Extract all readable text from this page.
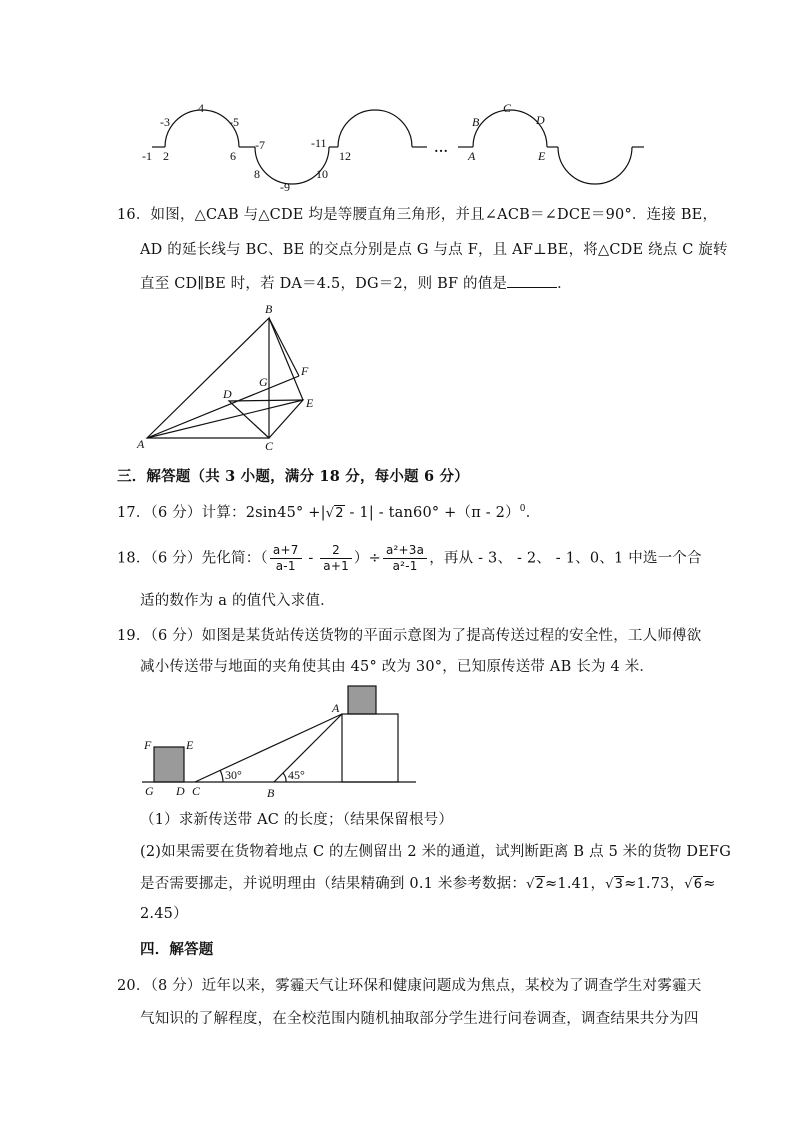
-3
4
-5
-1 2	6
-7	-11
12
8
-9
10
…
B
C
D
A	E
16．如图，△CAB 与△CDE 均是等腰直角三角形，并且∠ACB＝∠DCE＝90°．连接 BE，
AD 的延长线与 BC、BE 的交点分别是点 G 与点 F，且 AF⊥BE，将△CDE 绕点 C 旋转
直至 CD∥BE 时，若 DA＝4.5，DG＝2，则 BF 的值是	．
B
F
G
D
E
A	C
三．解答题（共 3 小题，满分 18 分，每小题 6 分）
17．（6 分）计算：2sin45° +|√2 - 1| - tan60° +（π - 2）$^0$．
18．（6 分）先化简：（ $\frac{a+7}{a-1} - \frac{2}{a+1}$ ）÷ $\frac{\text{a²+3a}}{\text{a²-1}}$ ，再从 - 3、 - 2、 - 1、0、1 中选一个合
适的数作为 a 的值代入求值．
19．（6 分）如图是某货站传送货物的平面示意图为了提高传送过程的安全性，工人师傅欲
减小传送带与地面的夹角使其由 45° 改为 30°，已知原传送带 AB 长为 4 米．
A
F	E
G D C	B
30°	45°
（1）求新传送带 AC 的长度；（结果保留根号）
(2)如果需要在货物着地点 C 的左侧留出 2 米的通道，试判断距离 B 点 5 米的货物 DEFG
是否需要挪走，并说明理由（结果精确到 0.1 米参考数据：√2≈1.41，√3≈1.73，√6≈
2.45）
四．解答题
20．（8 分）近年以来，雾霾天气让环保和健康问题成为焦点，某校为了调查学生对雾霾天
气知识的了解程度，在全校范围内随机抽取部分学生进行问卷调查，调查结果共分为四
